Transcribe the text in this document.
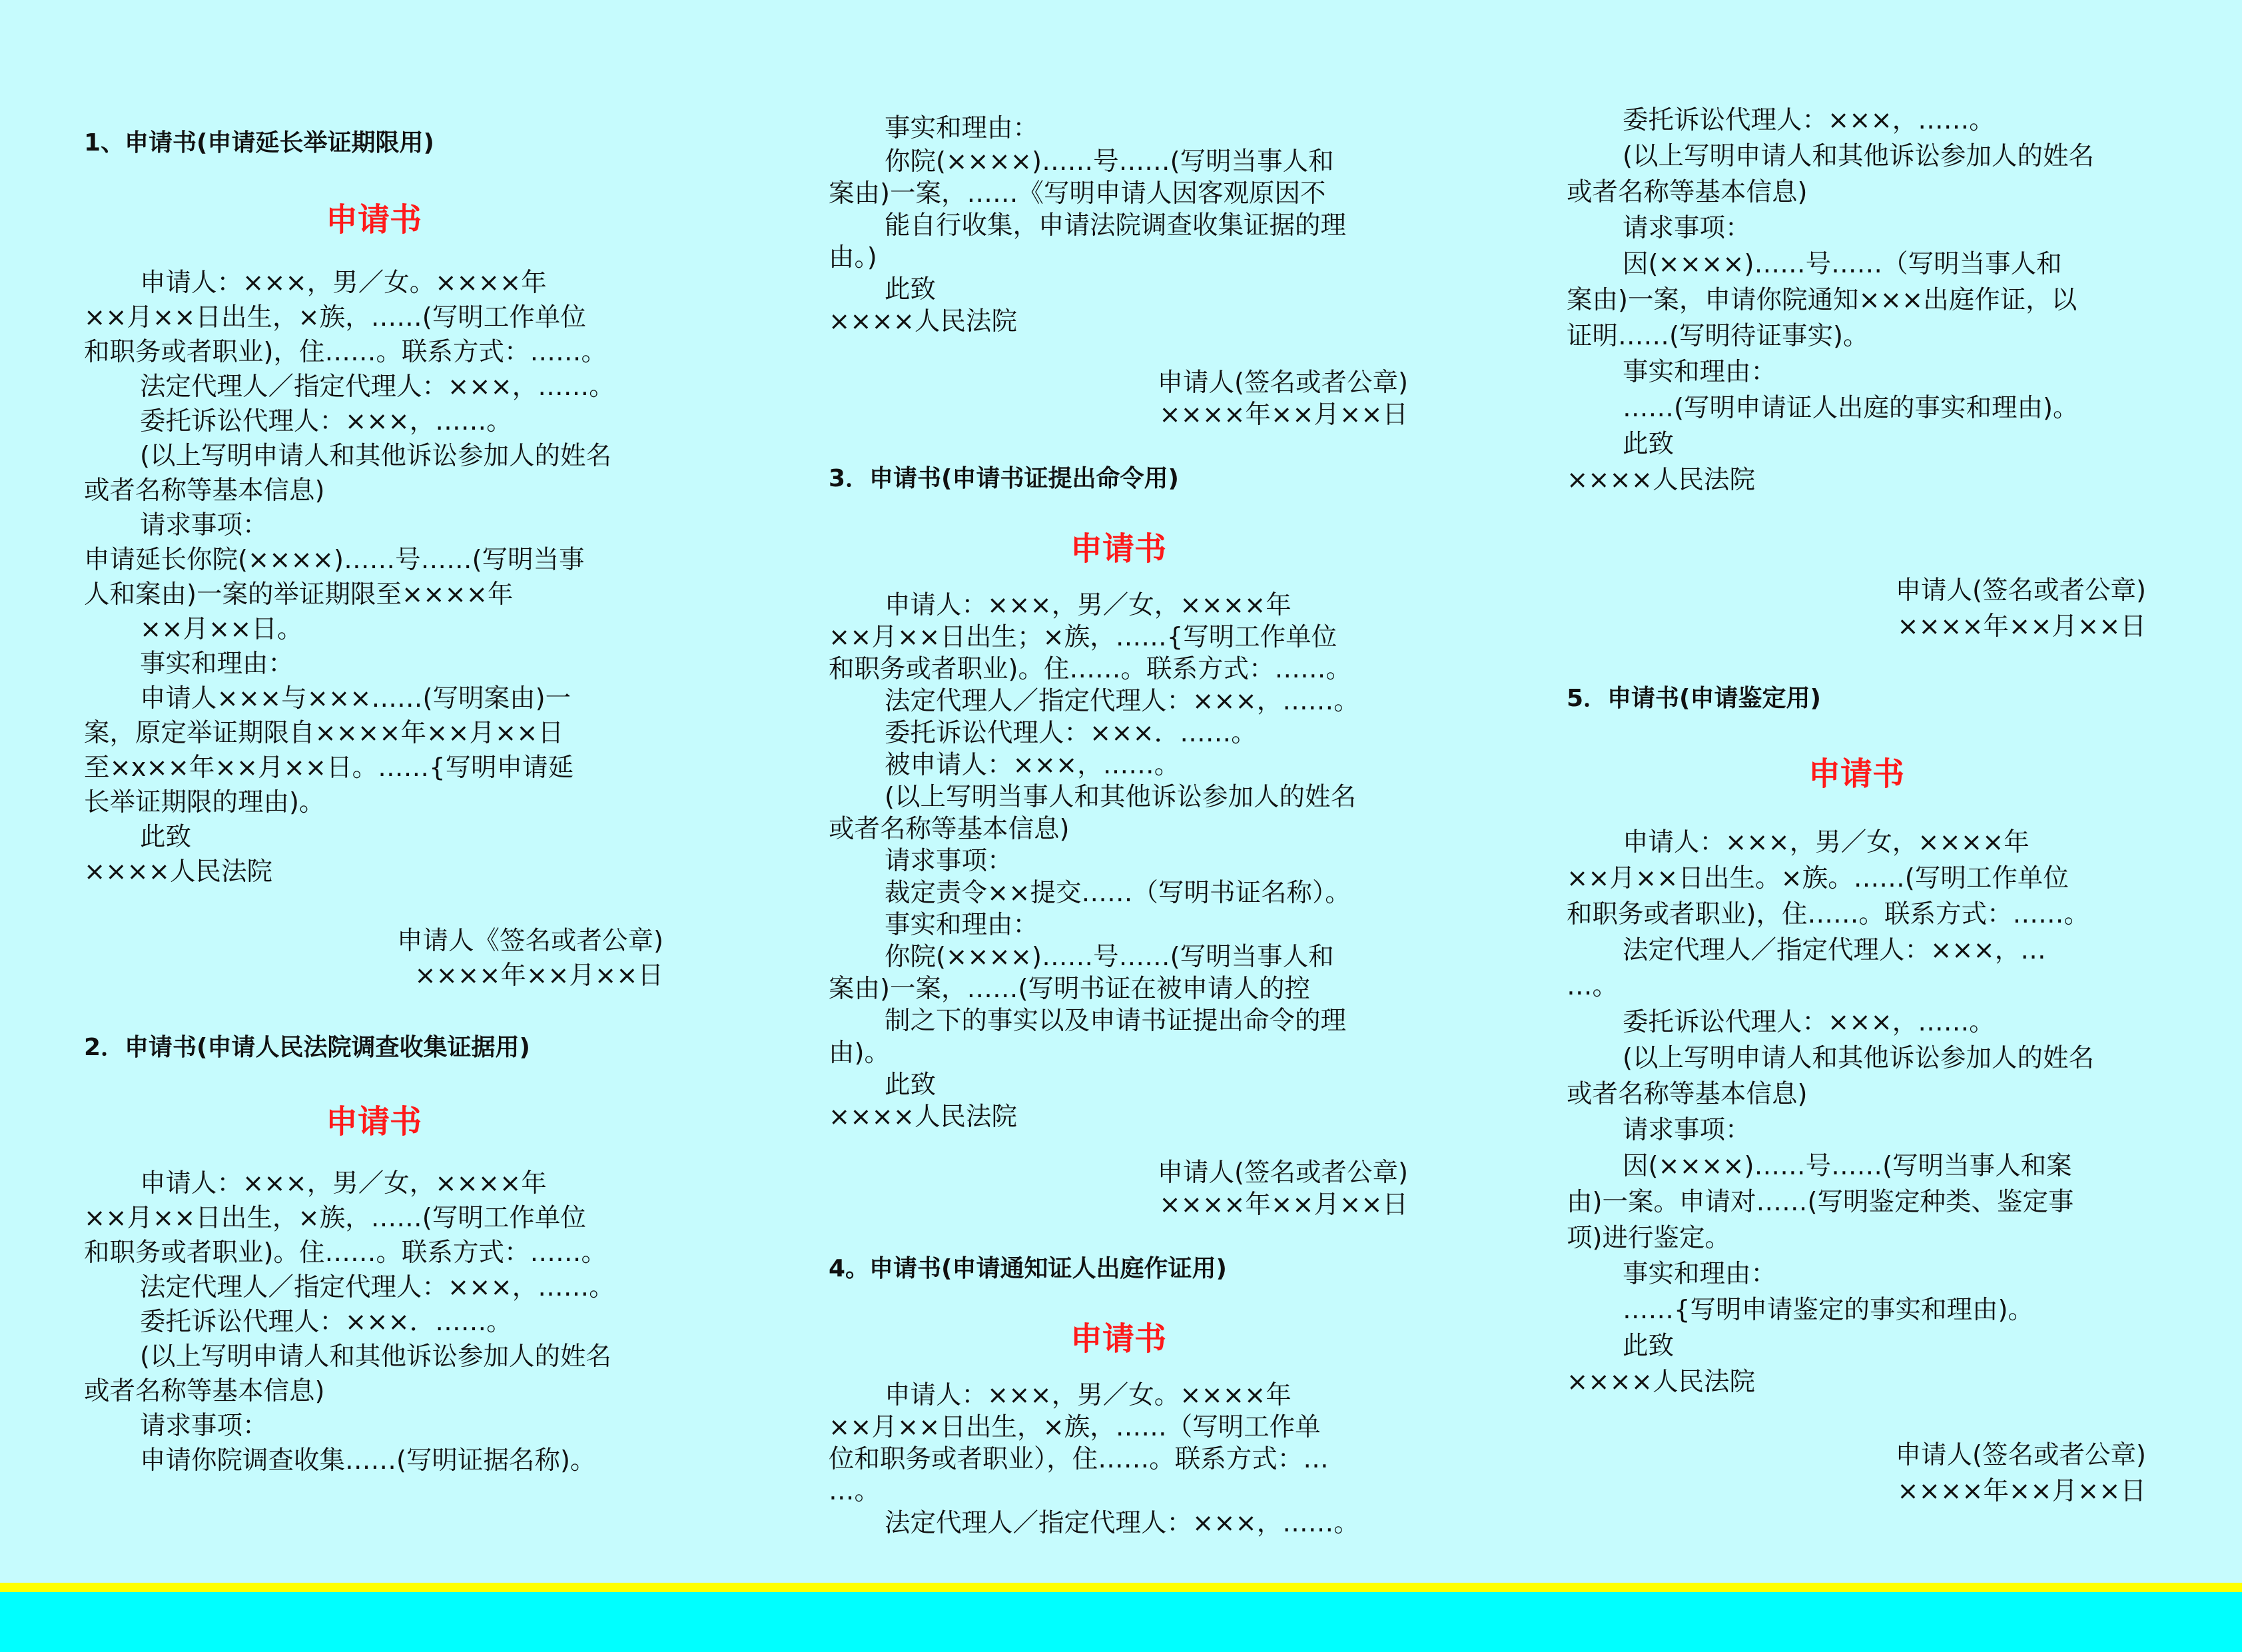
1、申请书(申请延长举证期限用)
申请书
申请人：×××，男／女。××××年
××月××日出生，×族，……(写明工作单位
和职务或者职业)，住……。联系方式：……。
法定代理人／指定代理人：×××，……。
委托诉讼代理人：×××，……。
(以上写明申请人和其他诉讼参加人的姓名
或者名称等基本信息)
请求事项：
申请延长你院(××××)……号……(写明当事
人和案由)一案的举证期限至××××年
××月××日。
事实和理由：
申请人×××与×××……(写明案由)一
案，原定举证期限自××××年××月××日
至×x××年××月××日。……{写明申请延
长举证期限的理由)。
此致
××××人民法院
申请人《签名或者公章)
××××年××月××日
2．申请书(申请人民法院调查收集证据用)
申请书
申请人：×××，男／女，××××年
××月××日出生，×族，……(写明工作单位
和职务或者职业)。住……。联系方式：……。
法定代理人／指定代理人：×××，……。
委托诉讼代理人：×××．……。
(以上写明申请人和其他诉讼参加人的姓名
或者名称等基本信息)
请求事项：
申请你院调查收集……(写明证据名称)。
事实和理由：
你院(××××)……号……(写明当事人和
案由)一案，……《写明申请人因客观原因不
能自行收集，申请法院调查收集证据的理
由。)
此致
××××人民法院
申请人(签名或者公章)
××××年××月××日
3．申请书(申请书证提出命令用)
申请书
申请人：×××，男／女，××××年
××月××日出生；×族，……{写明工作单位
和职务或者职业)。住……。联系方式：……。
法定代理人／指定代理人：×××，……。
委托诉讼代理人：×××．……。
被申请人：×××，……。
(以上写明当事人和其他诉讼参加人的姓名
或者名称等基本信息)
请求事项：
裁定责令××提交……（写明书证名称）。
事实和理由：
你院(××××)……号……(写明当事人和
案由)一案，……(写明书证在被申请人的控
制之下的事实以及申请书证提出命令的理
由)。
此致
××××人民法院
申请人(签名或者公章)
××××年××月××日
4。申请书(申请通知证人出庭作证用)
申请书
申请人：×××，男／女。××××年
××月××日出生，×族，……（写明工作单
位和职务或者职业），住……。联系方式：…
…。
法定代理人／指定代理人：×××，……。
委托诉讼代理人：×××，……。
(以上写明申请人和其他诉讼参加人的姓名
或者名称等基本信息)
请求事项：
因(××××)……号……（写明当事人和
案由)一案，申请你院通知×××出庭作证，以
证明……(写明待证事实)。
事实和理由：
……(写明申请证人出庭的事实和理由)。
此致
××××人民法院
申请人(签名或者公章)
××××年××月××日
5．申请书(申请鉴定用)
申请书
申请人：×××，男／女，××××年
××月××日出生。×族。……(写明工作单位
和职务或者职业)，住……。联系方式：……。
法定代理人／指定代理人：×××，…
…。
委托诉讼代理人：×××，……。
(以上写明申请人和其他诉讼参加人的姓名
或者名称等基本信息)
请求事项：
因(××××)……号……(写明当事人和案
由)一案。申请对……(写明鉴定种类、鉴定事
项)进行鉴定。
事实和理由：
……{写明申请鉴定的事实和理由)。
此致
××××人民法院
申请人(签名或者公章)
××××年××月××日
